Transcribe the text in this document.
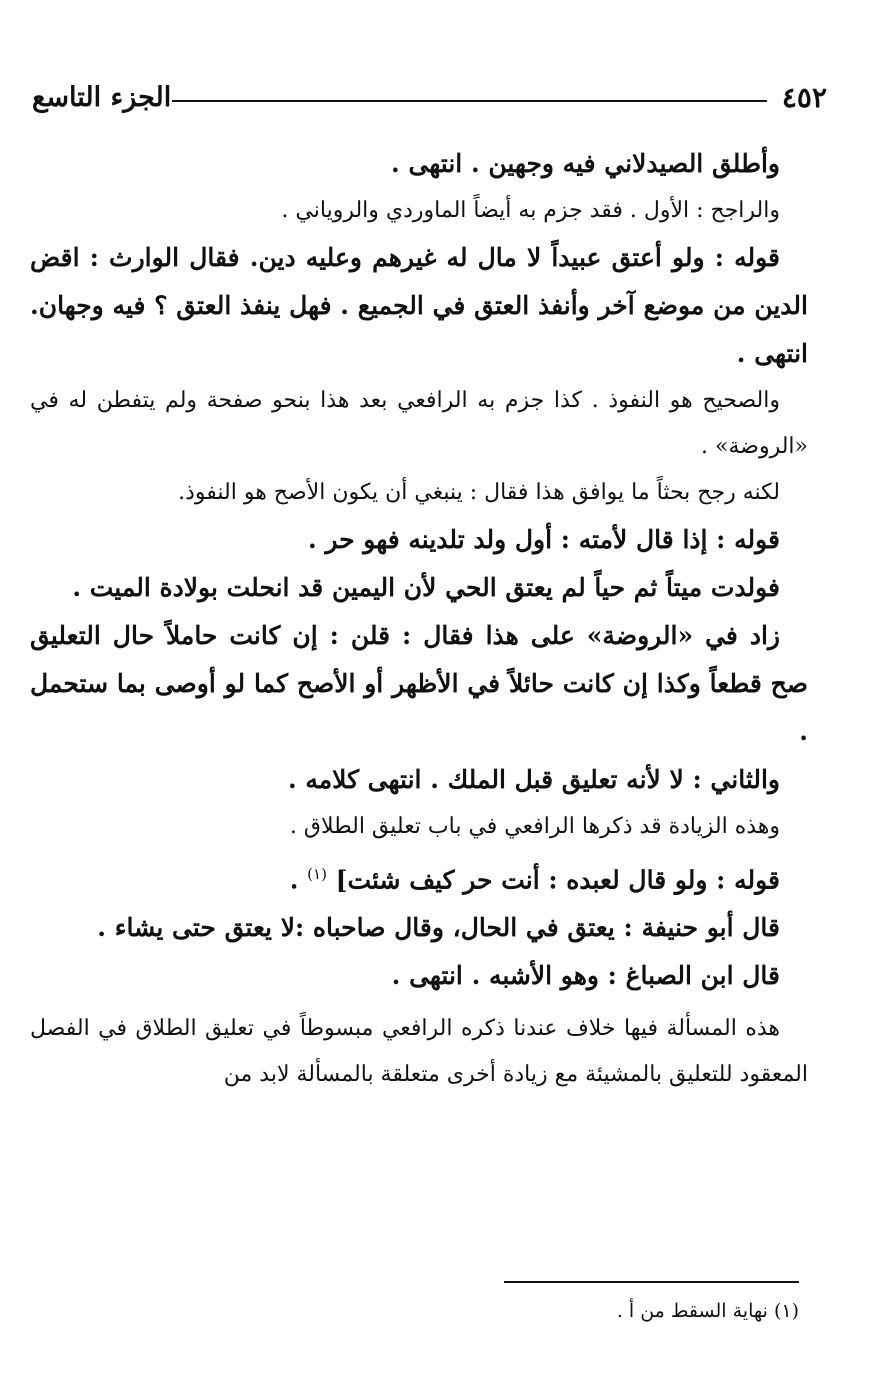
٤٥٢
الجزء التاسع

وأطلق الصيدلاني فيه وجهين . انتهى .

والراجح : الأول . فقد جزم به أيضاً الماوردي والروياني .

قوله : ولو أعتق عبيداً لا مال له غيرهم وعليه دين. فقال الوارث : اقض الدين من موضع آخر وأنفذ العتق في الجميع . فهل ينفذ العتق ؟ فيه وجهان. انتهى .

والصحيح هو النفوذ . كذا جزم به الرافعي بعد هذا بنحو صفحة ولم يتفطن له في «الروضة» .

لكنه رجح بحثاً ما يوافق هذا فقال : ينبغي أن يكون الأصح هو النفوذ.

قوله : إذا قال لأمته : أول ولد تلدينه فهو حر .

فولدت ميتاً ثم حياً لم يعتق الحي لأن اليمين قد انحلت بولادة الميت .

زاد في «الروضة» على هذا فقال : قلن : إن كانت حاملاً حال التعليق صح قطعاً وكذا إن كانت حائلاً في الأظهر أو الأصح كما لو أوصى بما ستحمل .

والثاني : لا لأنه تعليق قبل الملك . انتهى كلامه .

وهذه الزيادة قد ذكرها الرافعي في باب تعليق الطلاق .

قوله : ولو قال لعبده : أنت حر كيف شئت] $^{(١)}$ .

قال أبو حنيفة : يعتق في الحال، وقال صاحباه :لا يعتق حتى يشاء .

قال ابن الصباغ : وهو الأشبه . انتهى .

هذه المسألة فيها خلاف عندنا ذكره الرافعي مبسوطاً في تعليق الطلاق في الفصل المعقود للتعليق بالمشيئة مع زيادة أخرى متعلقة بالمسألة لابد من

(١) نهاية السقط من أ .
